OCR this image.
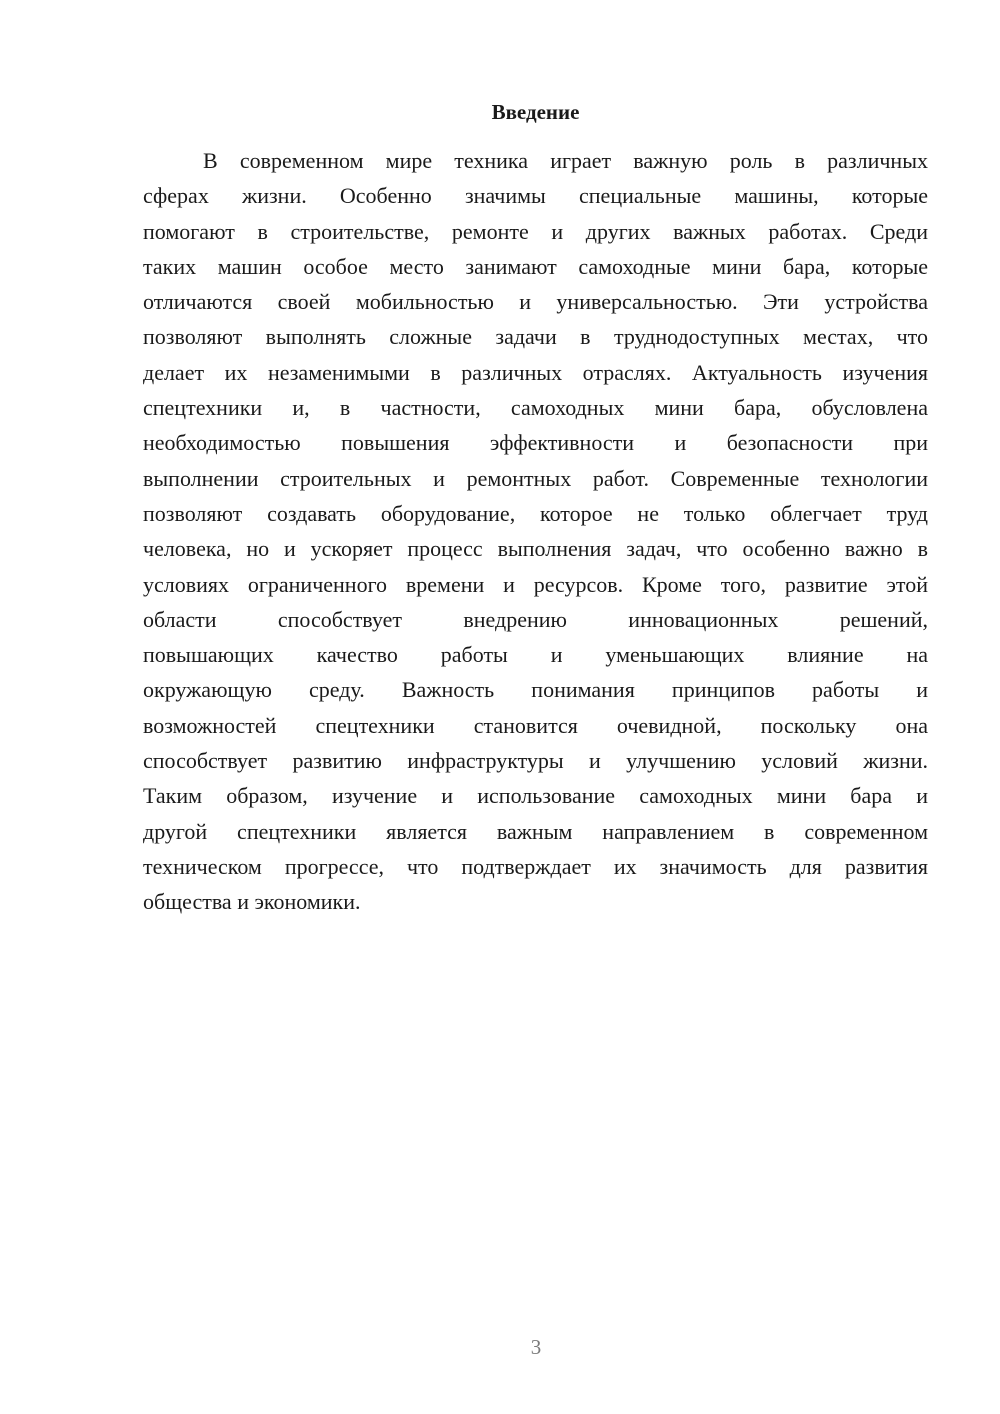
Введение
В современном мире техника играет важную роль в различных
сферах жизни. Особенно значимы специальные машины, которые
помогают в строительстве, ремонте и других важных работах. Среди
таких машин особое место занимают самоходные мини бара, которые
отличаются своей мобильностью и универсальностью. Эти устройства
позволяют выполнять сложные задачи в труднодоступных местах, что
делает их незаменимыми в различных отраслях. Актуальность изучения
спецтехники и, в частности, самоходных мини бара, обусловлена
необходимостью повышения эффективности и безопасности при
выполнении строительных и ремонтных работ. Современные технологии
позволяют создавать оборудование, которое не только облегчает труд
человека, но и ускоряет процесс выполнения задач, что особенно важно в
условиях ограниченного времени и ресурсов. Кроме того, развитие этой
области способствует внедрению инновационных решений,
повышающих качество работы и уменьшающих влияние на
окружающую среду. Важность понимания принципов работы и
возможностей спецтехники становится очевидной, поскольку она
способствует развитию инфраструктуры и улучшению условий жизни.
Таким образом, изучение и использование самоходных мини бара и
другой спецтехники является важным направлением в современном
техническом прогрессе, что подтверждает их значимость для развития
общества и экономики.
3
